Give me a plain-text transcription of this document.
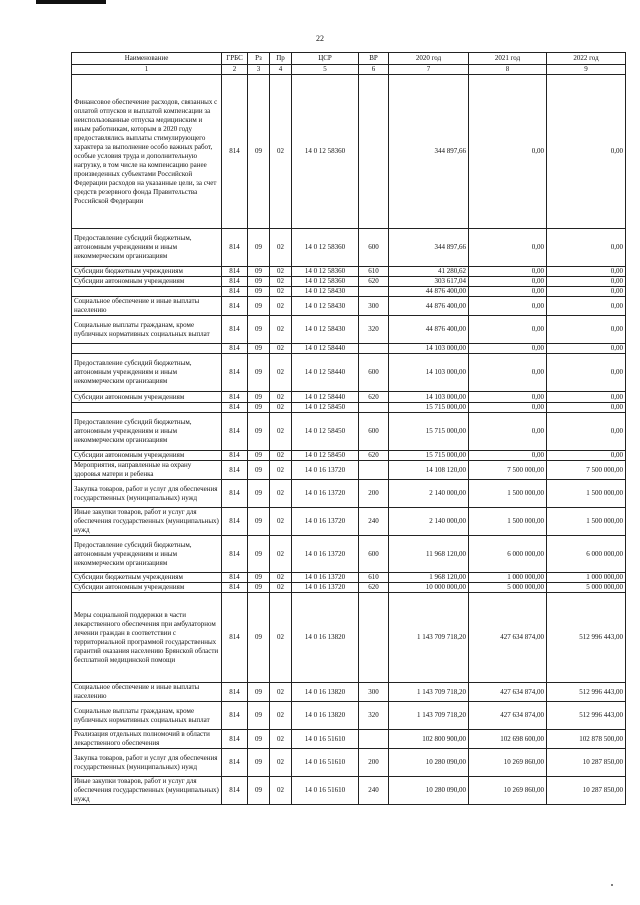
22
Наименование	ГРБС	Рз	Пр	ЦСР	ВР	2020 год	2021 год	2022 год
1	2	3	4	5	6	7	8	9
Финансовое обеспечение расходов, связанных с оплатой отпусков и выплатой компенсации за неиспользованные отпуска медицинским и иным работникам, которым в 2020 году предоставлялись выплаты стимулирующего характера за выполнение особо важных работ, особые условия труда и дополнительную нагрузку, в том числе на компенсацию ранее произведенных субъектами Российской Федерации расходов на указанные цели, за счет средств резервного фонда Правительства Российской Федерации	814	09	02	14 0 12 58360		344 897,66	0,00	0,00
Предоставление субсидий бюджетным, автономным учреждениям и иным некоммерческим организациям	814	09	02	14 0 12 58360	600	344 897,66	0,00	0,00
Субсидии бюджетным учреждениям	814	09	02	14 0 12 58360	610	41 280,62	0,00	0,00
Субсидии автономным учреждениям	814	09	02	14 0 12 58360	620	303 617,04	0,00	0,00
	814	09	02	14 0 12 58430		44 876 400,00	0,00	0,00
Социальное обеспечение и иные выплаты населению	814	09	02	14 0 12 58430	300	44 876 400,00	0,00	0,00
Социальные выплаты гражданам, кроме публичных нормативных социальных выплат	814	09	02	14 0 12 58430	320	44 876 400,00	0,00	0,00
	814	09	02	14 0 12 58440		14 103 000,00	0,00	0,00
Предоставление субсидий бюджетным, автономным учреждениям и иным некоммерческим организациям	814	09	02	14 0 12 58440	600	14 103 000,00	0,00	0,00
Субсидии автономным учреждениям	814	09	02	14 0 12 58440	620	14 103 000,00	0,00	0,00
	814	09	02	14 0 12 58450		15 715 000,00	0,00	0,00
Предоставление субсидий бюджетным, автономным учреждениям и иным некоммерческим организациям	814	09	02	14 0 12 58450	600	15 715 000,00	0,00	0,00
Субсидии автономным учреждениям	814	09	02	14 0 12 58450	620	15 715 000,00	0,00	0,00
Мероприятия, направленные на охрану здоровья матери и ребенка	814	09	02	14 0 16 13720		14 108 120,00	7 500 000,00	7 500 000,00
Закупка товаров, работ и услуг для обеспечения государственных (муниципальных) нужд	814	09	02	14 0 16 13720	200	2 140 000,00	1 500 000,00	1 500 000,00
Иные закупки товаров, работ и услуг для обеспечения государственных (муниципальных) нужд	814	09	02	14 0 16 13720	240	2 140 000,00	1 500 000,00	1 500 000,00
Предоставление субсидий бюджетным, автономным учреждениям и иным некоммерческим организациям	814	09	02	14 0 16 13720	600	11 968 120,00	6 000 000,00	6 000 000,00
Субсидии бюджетным учреждениям	814	09	02	14 0 16 13720	610	1 968 120,00	1 000 000,00	1 000 000,00
Субсидии автономным учреждениям	814	09	02	14 0 16 13720	620	10 000 000,00	5 000 000,00	5 000 000,00
Меры социальной поддержки в части лекарственного обеспечения при амбулаторном лечении граждан в соответствии с территориальной программой государственных гарантий оказания населению Брянской области бесплатной медицинской помощи	814	09	02	14 0 16 13820		1 143 709 718,20	427 634 874,00	512 996 443,00
Социальное обеспечение и иные выплаты населению	814	09	02	14 0 16 13820	300	1 143 709 718,20	427 634 874,00	512 996 443,00
Социальные выплаты гражданам, кроме публичных нормативных социальных выплат	814	09	02	14 0 16 13820	320	1 143 709 718,20	427 634 874,00	512 996 443,00
Реализация отдельных полномочий в области лекарственного обеспечения	814	09	02	14 0 16 51610		102 800 900,00	102 698 600,00	102 878 500,00
Закупка товаров, работ и услуг для обеспечения государственных (муниципальных) нужд	814	09	02	14 0 16 51610	200	10 280 090,00	10 269 860,00	10 287 850,00
Иные закупки товаров, работ и услуг для обеспечения государственных (муниципальных) нужд	814	09	02	14 0 16 51610	240	10 280 090,00	10 269 860,00	10 287 850,00
